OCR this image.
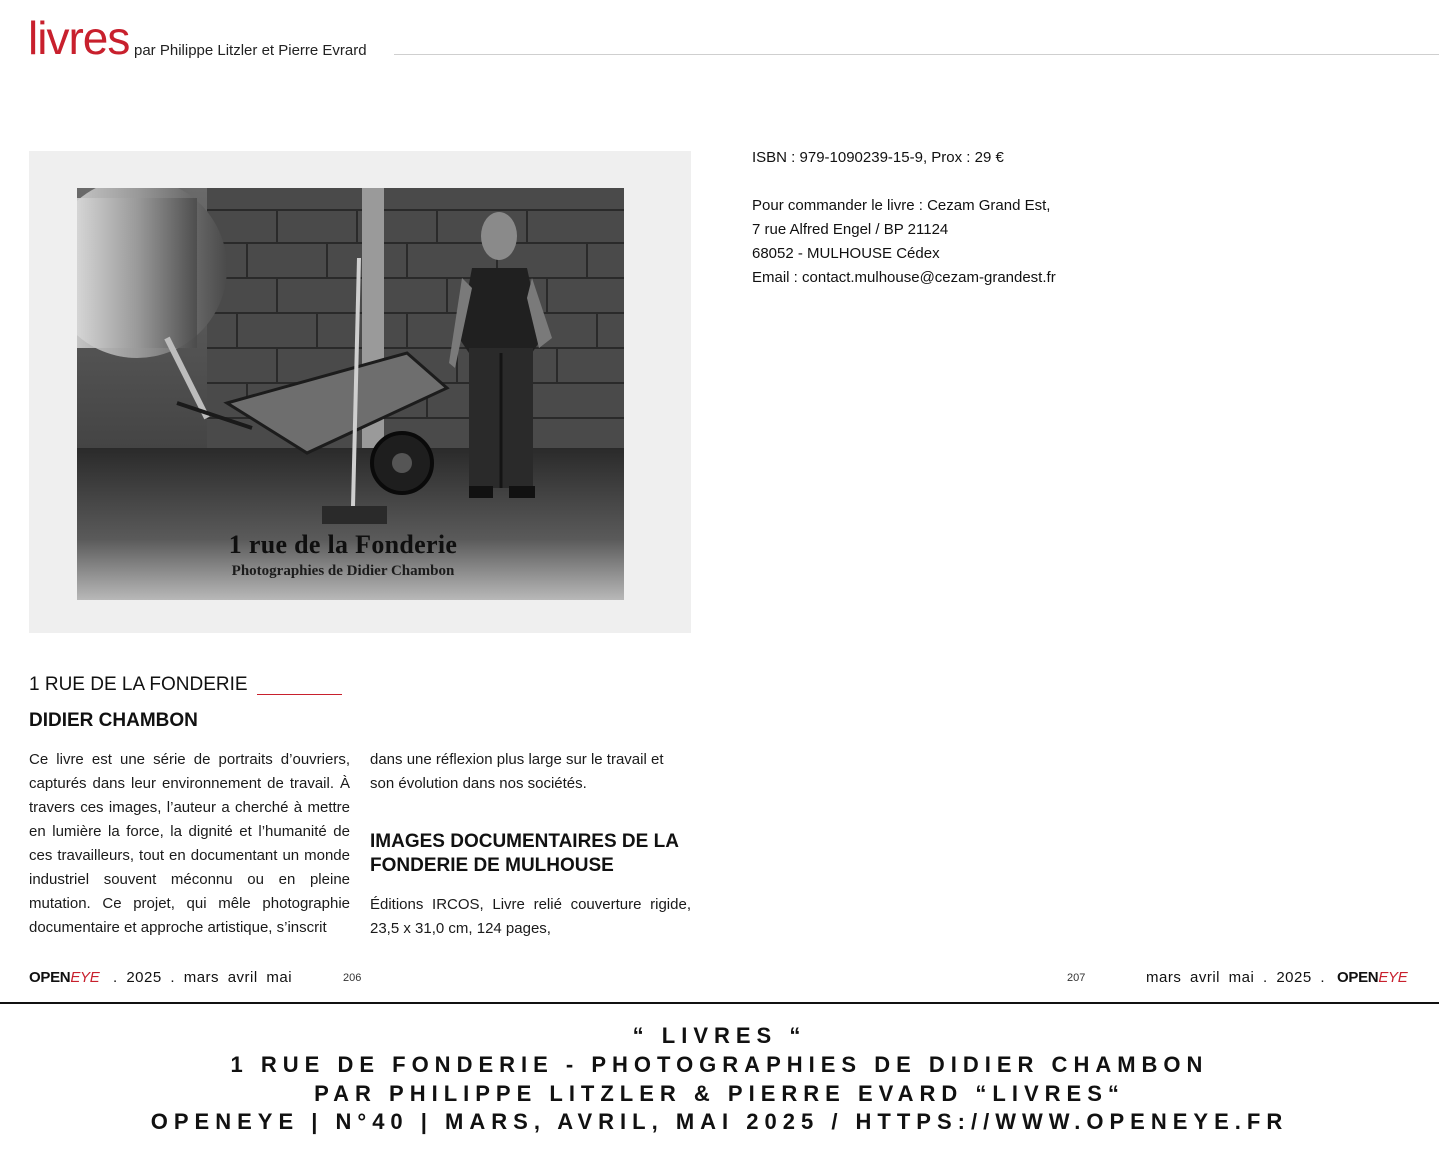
livres par Philippe Litzler et Pierre Evrard
1 rue de la Fonderie
Photographies de Didier Chambon
ISBN : 979-1090239-15-9, Prox : 29 €
Pour commander le livre : Cezam Grand Est,
7 rue Alfred Engel / BP 21124
68052 - MULHOUSE Cédex
Email : contact.mulhouse@cezam-grandest.fr
1 RUE DE LA FONDERIE
DIDIER CHAMBON

Ce livre est une série de portraits d’ouvriers, capturés dans leur environnement de travail. À travers ces images, l’auteur a cherché à mettre en lumière la force, la dignité et l’humanité de ces travailleurs, tout en documentant un monde industriel souvent méconnu ou en pleine mutation. Ce projet, qui mêle photographie documentaire et approche artistique, s’inscrit

dans une réflexion plus large sur le travail et son évolution dans nos sociétés.

IMAGES DOCUMENTAIRES DE LA FONDERIE DE MULHOUSE

Éditions IRCOS, Livre relié couverture rigide, 23,5 x 31,0 cm, 124 pages,

OPENEYE . 2025 . mars avril mai	206	207	mars avril mai . 2025 . OPENEYE
“ LIVRES “
1 RUE DE FONDERIE - PHOTOGRAPHIES DE DIDIER CHAMBON
PAR PHILIPPE LITZLER & PIERRE EVARD “LIVRES“
OPENEYE | N°40 | MARS, AVRIL, MAI 2025 / HTTPS://WWW.OPENEYE.FR
